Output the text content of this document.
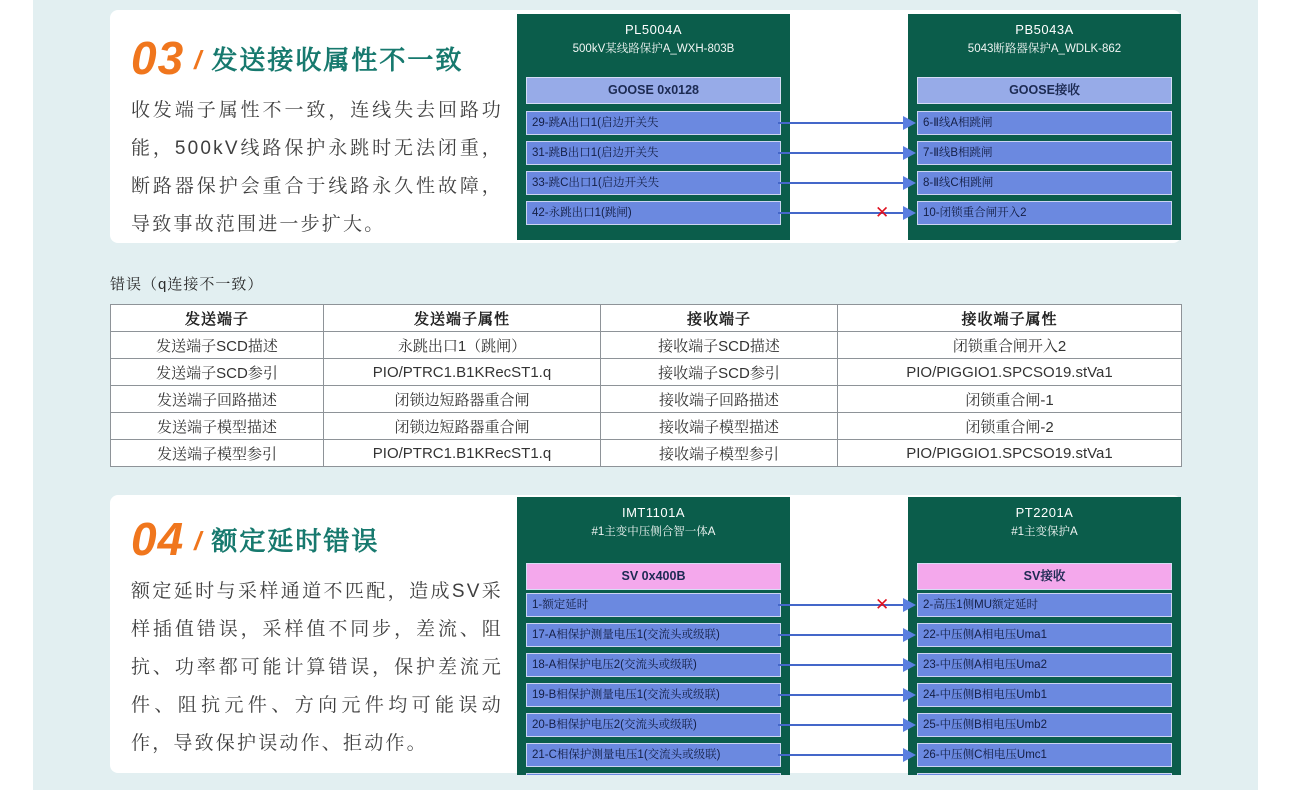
03 / 发送接收属性不一致
收发端子属性不一致，连线失去回路功能，500kV线路保护永跳时无法闭重，断路器保护会重合于线路永久性故障，导致事故范围进一步扩大。
PL5004A
500kV某线路保护A_WXH-803B
GOOSE 0x0128
29-跳A出口1(启边开关失
31-跳B出口1(启边开关失
33-跳C出口1(启边开关失
42-永跳出口1(跳闸)
PB5043A
5043断路器保护A_WDLK-862
GOOSE接收
6-Ⅱ线A相跳闸
7-Ⅱ线B相跳闸
8-Ⅱ线C相跳闸
10-闭锁重合闸开入2
✕
错误（q连接不一致）
发送端子	发送端子属性	接收端子	接收端子属性
发送端子SCD描述	永跳出口1（跳闸）	接收端子SCD描述	闭锁重合闸开入2
发送端子SCD参引	PIO/PTRC1.B1KRecST1.q	接收端子SCD参引	PIO/PIGGIO1.SPCSO19.stVa1
发送端子回路描述	闭锁边短路器重合闸	接收端子回路描述	闭锁重合闸-1
发送端子模型描述	闭锁边短路器重合闸	接收端子模型描述	闭锁重合闸-2
发送端子模型参引	PIO/PTRC1.B1KRecST1.q	接收端子模型参引	PIO/PIGGIO1.SPCSO19.stVa1
04 / 额定延时错误
额定延时与采样通道不匹配，造成SV采样插值错误，采样值不同步，差流、阻抗、功率都可能计算错误，保护差流元件、阻抗元件、方向元件均可能误动作，导致保护误动作、拒动作。
IMT1101A
#1主变中压侧合智一体A
SV 0x400B
1-额定延时
17-A相保护测量电压1(交流头或级联)
18-A相保护电压2(交流头或级联)
19-B相保护测量电压1(交流头或级联)
20-B相保护电压2(交流头或级联)
21-C相保护测量电压1(交流头或级联)
PT2201A
#1主变保护A
SV接收
2-高压1侧MU额定延时
22-中压侧A相电压Uma1
23-中压侧A相电压Uma2
24-中压侧B相电压Umb1
25-中压侧B相电压Umb2
26-中压侧C相电压Umc1
✕
